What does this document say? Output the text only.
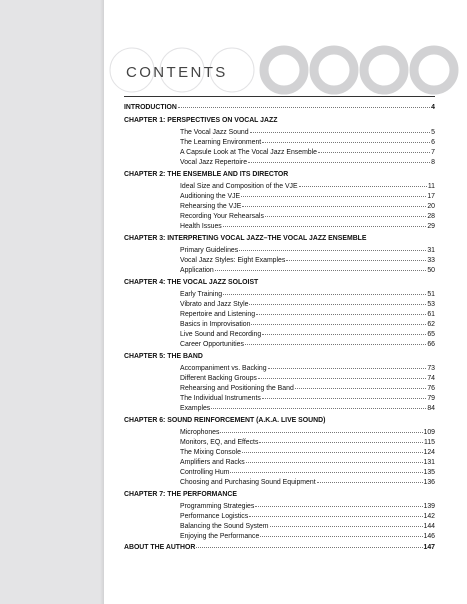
CONTENTS
INTRODUCTION	4
CHAPTER 1: PERSPECTIVES ON VOCAL JAZZ
The Vocal Jazz Sound	5
The Learning Environment	6
A Capsule Look at The Vocal Jazz Ensemble	7
Vocal Jazz Repertoire	8
CHAPTER 2: THE ENSEMBLE AND ITS DIRECTOR
Ideal Size and Composition of the VJE	11
Auditioning the VJE	17
Rehearsing the VJE	20
Recording Your Rehearsals	28
Health Issues	29
CHAPTER 3: INTERPRETING VOCAL JAZZ–THE VOCAL JAZZ ENSEMBLE
Primary Guidelines	31
Vocal Jazz Styles: Eight Examples	33
Application	50
CHAPTER 4: THE VOCAL JAZZ SOLOIST
Early Training	51
Vibrato and Jazz Style	53
Repertoire and Listening	61
Basics in Improvisation	62
Live Sound and Recording	65
Career Opportunities	66
CHAPTER 5: THE BAND
Accompaniment vs. Backing	73
Different Backing Groups	74
Rehearsing and Positioning the Band	76
The Individual Instruments	79
Examples	84
CHAPTER 6: SOUND REINFORCEMENT (A.K.A. LIVE SOUND)
Microphones	109
Monitors, EQ, and Effects	115
The Mixing Console	124
Amplifiers and Racks	131
Controlling Hum	135
Choosing and Purchasing Sound Equipment	136
CHAPTER 7: THE PERFORMANCE
Programming Strategies	139
Performance Logistics	142
Balancing the Sound System	144
Enjoying the Performance	146
ABOUT THE AUTHOR	147
